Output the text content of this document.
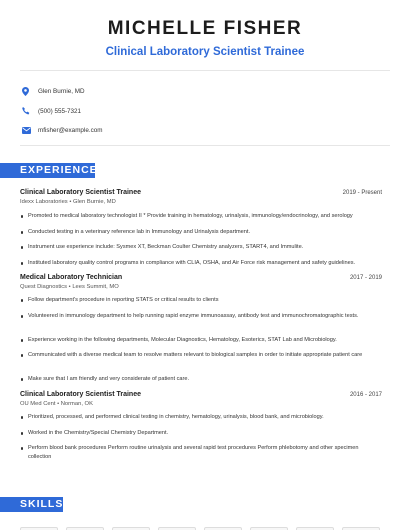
MICHELLE FISHER
Clinical Laboratory Scientist Trainee
Glen Burnie, MD
(500) 555-7321
mfisher@example.com
EXPERIENCE
Clinical Laboratory Scientist Trainee	2019 - Present
Idexx Laboratories • Glen Burnie, MD
Promoted to medical laboratory technologist II * Provide training in hematology, urinalysis, immunology/endocrinology, and serology
Conducted testing in a veterinary reference lab in Immunology and Urinalysis department.
Instrument use experience include: Sysmex XT, Beckman Coulter Chemistry analyzers, START4, and Immulite.
Instituted laboratory quality control programs in compliance with CLIA, OSHA, and Air Force risk management and safety guidelines.
Medical Laboratory Technician	2017 - 2019
Quest Diagnostics • Lees Summit, MO
Follow department's procedure in reporting STATS or critical results to clients
Volunteered in immunology department to help running rapid enzyme immunoassay, antibody test and immunochromatographic tests.
Experience working in the following departments, Molecular Diagnostics, Hematology, Esoterics, STAT Lab and Microbiology.
Communicated with a diverse medical team to resolve matters relevant to biological samples in order to initiate appropriate patient care
Make sure that I am friendly and very considerate of patient care.
Clinical Laboratory Scientist Trainee	2016 - 2017
OU Med Cent • Norman, OK
Prioritized, processed, and performed clinical testing in chemistry, hematology, urinalysis, blood bank, and microbiology.
Worked in the Chemistry/Special Chemistry Department.
Perform blood bank procedures Perform routine urinalysis and several rapid test procedures Perform phlebotomy and other specimen collection
SKILLS
